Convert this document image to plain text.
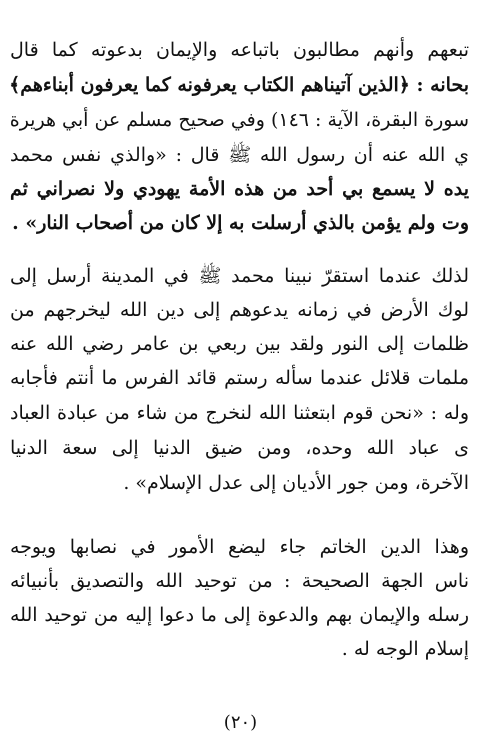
تبعهم وأنهم مطالبون باتباعه والإيمان بدعوته كما قال
بحانه : ﴿الذين آتيناهم الكتاب يعرفونه كما يعرفون أبناءهم﴾
سورة البقرة، الآية : ١٤٦) وفي صحيح مسلم عن أبي هريرة
ي الله عنه أن رسول الله ﷺ قال : «والذي نفس محمد
يده لا يسمع بي أحد من هذه الأمة يهودي ولا نصراني ثم
وت ولم يؤمن بالذي أرسلت به إلا كان من أصحاب النار» .
لذلك عندما استقرّ نبينا محمد ﷺ في المدينة أرسل إلى
لوك الأرض في زمانه يدعوهم إلى دين الله ليخرجهم من
ظلمات إلى النور ولقد بين ربعي بن عامر رضي الله عنه
ملمات قلائل عندما سأله رستم قائد الفرس ما أنتم فأجابه
وله : «نحن قوم ابتعثنا الله لنخرج من شاء من عبادة العباد
ى عباد الله وحده، ومن ضيق الدنيا إلى سعة الدنيا
الآخرة، ومن جور الأديان إلى عدل الإسلام» .
وهذا الدين الخاتم جاء ليضع الأمور في نصابها ويوجه
ناس الجهة الصحيحة : من توحيد الله والتصديق بأنبيائه
رسله والإيمان بهم والدعوة إلى ما دعوا إليه من توحيد الله
إسلام الوجه له .
(٢٠)
